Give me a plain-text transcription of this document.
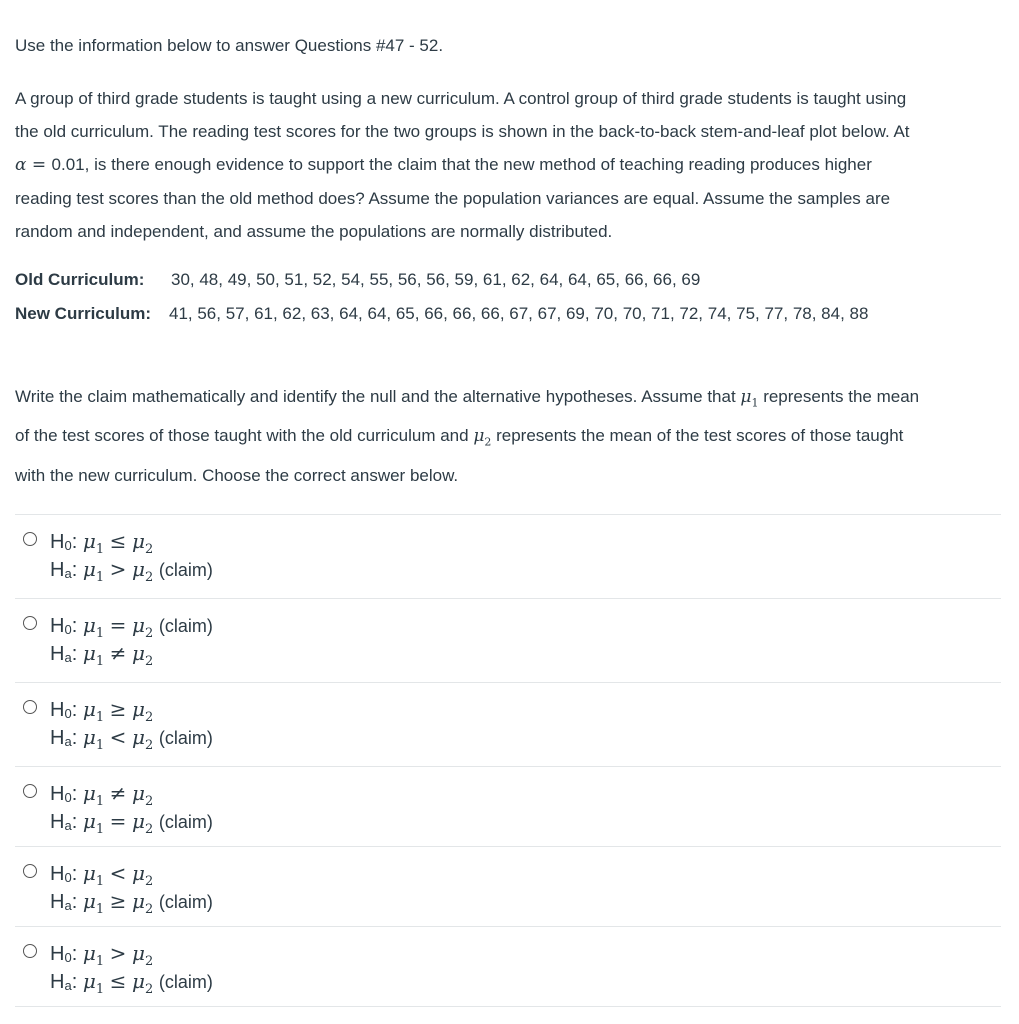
Use the information below to answer Questions #47 - 52.
A group of third grade students is taught using a new curriculum. A control group of third grade students is taught using
the old curriculum. The reading test scores for the two groups is shown in the back-to-back stem-and-leaf plot below. At
α = 0.01, is there enough evidence to support the claim that the new method of teaching reading produces higher
reading test scores than the old method does? Assume the population variances are equal. Assume the samples are
random and independent, and assume the populations are normally distributed.
Old Curriculum: 30, 48, 49, 50, 51, 52, 54, 55, 56, 56, 59, 61, 62, 64, 64, 65, 66, 66, 69
New Curriculum: 41, 56, 57, 61, 62, 63, 64, 64, 65, 66, 66, 66, 67, 67, 69, 70, 70, 71, 72, 74, 75, 77, 78, 84, 88
Write the claim mathematically and identify the null and the alternative hypotheses. Assume that $\mu_1$ represents the mean
of the test scores of those taught with the old curriculum and $\mu_2$ represents the mean of the test scores of those taught
with the new curriculum. Choose the correct answer below.
$H_0$: $\mu_1 \le \mu_2$
$H_a$: $\mu_1 > \mu_2$ (claim)
$H_0$: $\mu_1 = \mu_2$ (claim)
$H_a$: $\mu_1 \ne \mu_2$
$H_0$: $\mu_1 \ge \mu_2$
$H_a$: $\mu_1 < \mu_2$ (claim)
$H_0$: $\mu_1 \ne \mu_2$
$H_a$: $\mu_1 = \mu_2$ (claim)
$H_0$: $\mu_1 < \mu_2$
$H_a$: $\mu_1 \ge \mu_2$ (claim)
$H_0$: $\mu_1 > \mu_2$
$H_a$: $\mu_1 \le \mu_2$ (claim)
